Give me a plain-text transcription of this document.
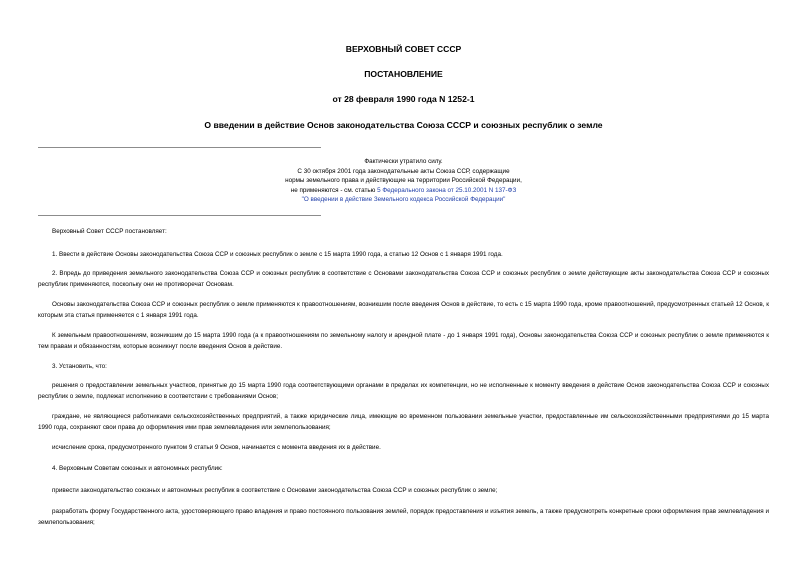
ВЕРХОВНЫЙ СОВЕТ СССР
ПОСТАНОВЛЕНИЕ
от 28 февраля 1990 года N 1252-1
О введении в действие Основ законодательства Союза СССР и союзных республик о земле
Фактически утратило силу.
С 30 октября 2001 года законодательные акты Союза ССР, содержащие
нормы земельного права и действующие на территории Российской Федерации,
не применяются - см. статью 5 Федерального закона от 25.10.2001 N 137-ФЗ
"О введении в действие Земельного кодекса Российской Федерации"
Верховный Совет СССР постановляет:
1. Ввести в действие Основы законодательства Союза ССР и союзных республик о земле с 15 марта 1990 года, а статью 12 Основ с 1 января 1991 года.
2. Впредь до приведения земельного законодательства Союза ССР и союзных республик в соответствие с Основами законодательства Союза ССР и союзных республик о земле действующие акты законодательства Союза ССР и союзных республик применяются, поскольку они не противоречат Основам.
Основы законодательства Союза ССР и союзных республик о земле применяются к правоотношениям, возникшим после введения Основ в действие, то есть с 15 марта 1990 года, кроме правоотношений, предусмотренных статьей 12 Основ, к которым эта статья применяется с 1 января 1991 года.
К земельным правоотношениям, возникшим до 15 марта 1990 года (а к правоотношениям по земельному налогу и арендной плате - до 1 января 1991 года), Основы законодательства Союза ССР и союзных республик о земле применяются к тем правам и обязанностям, которые возникнут после введения Основ в действие.
3. Установить, что:
решения о предоставлении земельных участков, принятые до 15 марта 1990 года соответствующими органами в пределах их компетенции, но не исполненные к моменту введения в действие Основ законодательства Союза ССР и союзных республик о земле, подлежат исполнению в соответствии с требованиями Основ;
граждане, не являющиеся работниками сельскохозяйственных предприятий, а также юридические лица, имеющие во временном пользовании земельные участки, предоставленные им сельскохозяйственными предприятиями до 15 марта 1990 года, сохраняют свои права до оформления ими прав землевладения или землепользования;
исчисление срока, предусмотренного пунктом 9 статьи 9 Основ, начинается с момента введения их в действие.
4. Верховным Советам союзных и автономных республик:
привести законодательство союзных и автономных республик в соответствие с Основами законодательства Союза ССР и союзных республик о земле;
разработать форму Государственного акта, удостоверяющего право владения и право постоянного пользования землей, порядок предоставления и изъятия земель, а также предусмотреть конкретные сроки оформления прав землевладения и землепользования;
